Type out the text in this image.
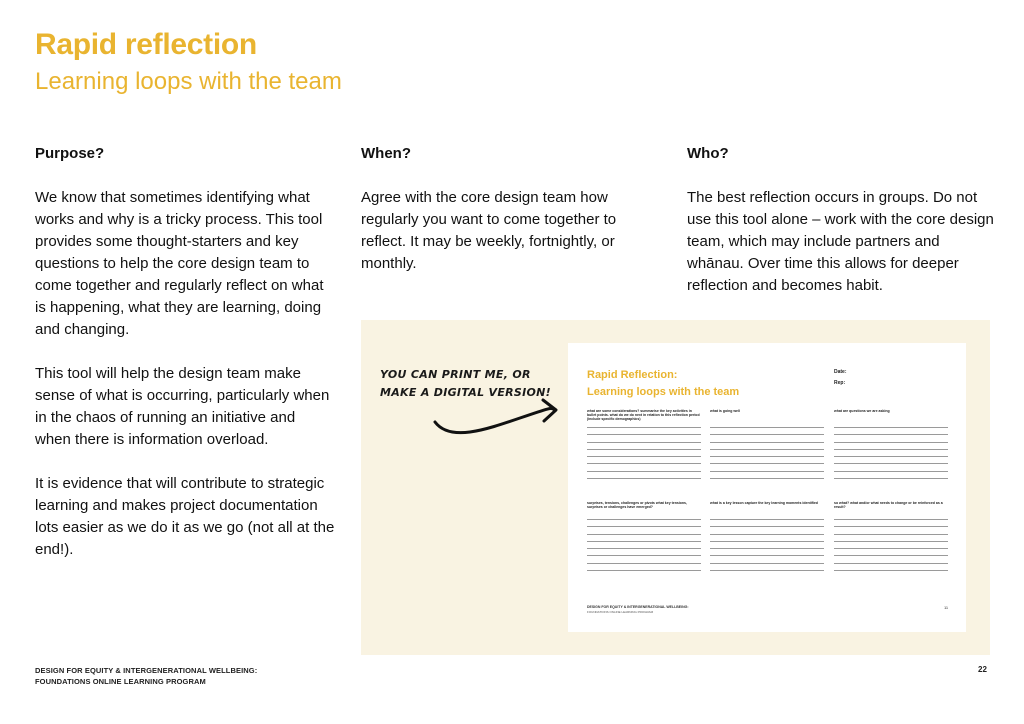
Rapid reflection
Learning loops with the team
Purpose?

We know that sometimes identifying what works and why is a tricky process. This tool provides some thought-starters and key questions to help the core design team to come together and regularly reflect on what is happening, what they are learning, doing and changing.

This tool will help the design team make sense of what is occurring, particularly when in the chaos of running an initiative and when there is information overload.

It is evidence that will contribute to strategic learning and makes project documentation lots easier as we do it as we go (not all at the end!).

When?

Agree with the core design team how regularly you want to come together to reflect. It may be weekly, fortnightly, or monthly.

Who?

The best reflection occurs in groups. Do not use this tool alone – work with the core design team, which may include partners and whānau. Over time this allows for deeper reflection and becomes habit.

YOU CAN PRINT ME, OR
MAKE A DIGITAL VERSION!
Rapid Reflection:
Learning loops with the team
Date:
Rep:
what are some considerations? summarise the key activities in bullet points. what do we do next in relation to this reflection period (include specific demographics)
what is going well	what are questions we are asking
surprises, tensions, challenges or pivots what key tensions, surprises or challenges have emerged?
what is a key lesson capture the key learning moments identified	so what? what and/or what needs to change or be reinforced as a result?
DESIGN FOR EQUITY & INTERGENERATIONAL WELLBEING:
FOUNDATIONS ONLINE LEARNING PROGRAM
11
DESIGN FOR EQUITY & INTERGENERATIONAL WELLBEING:
FOUNDATIONS ONLINE LEARNING PROGRAM
22
